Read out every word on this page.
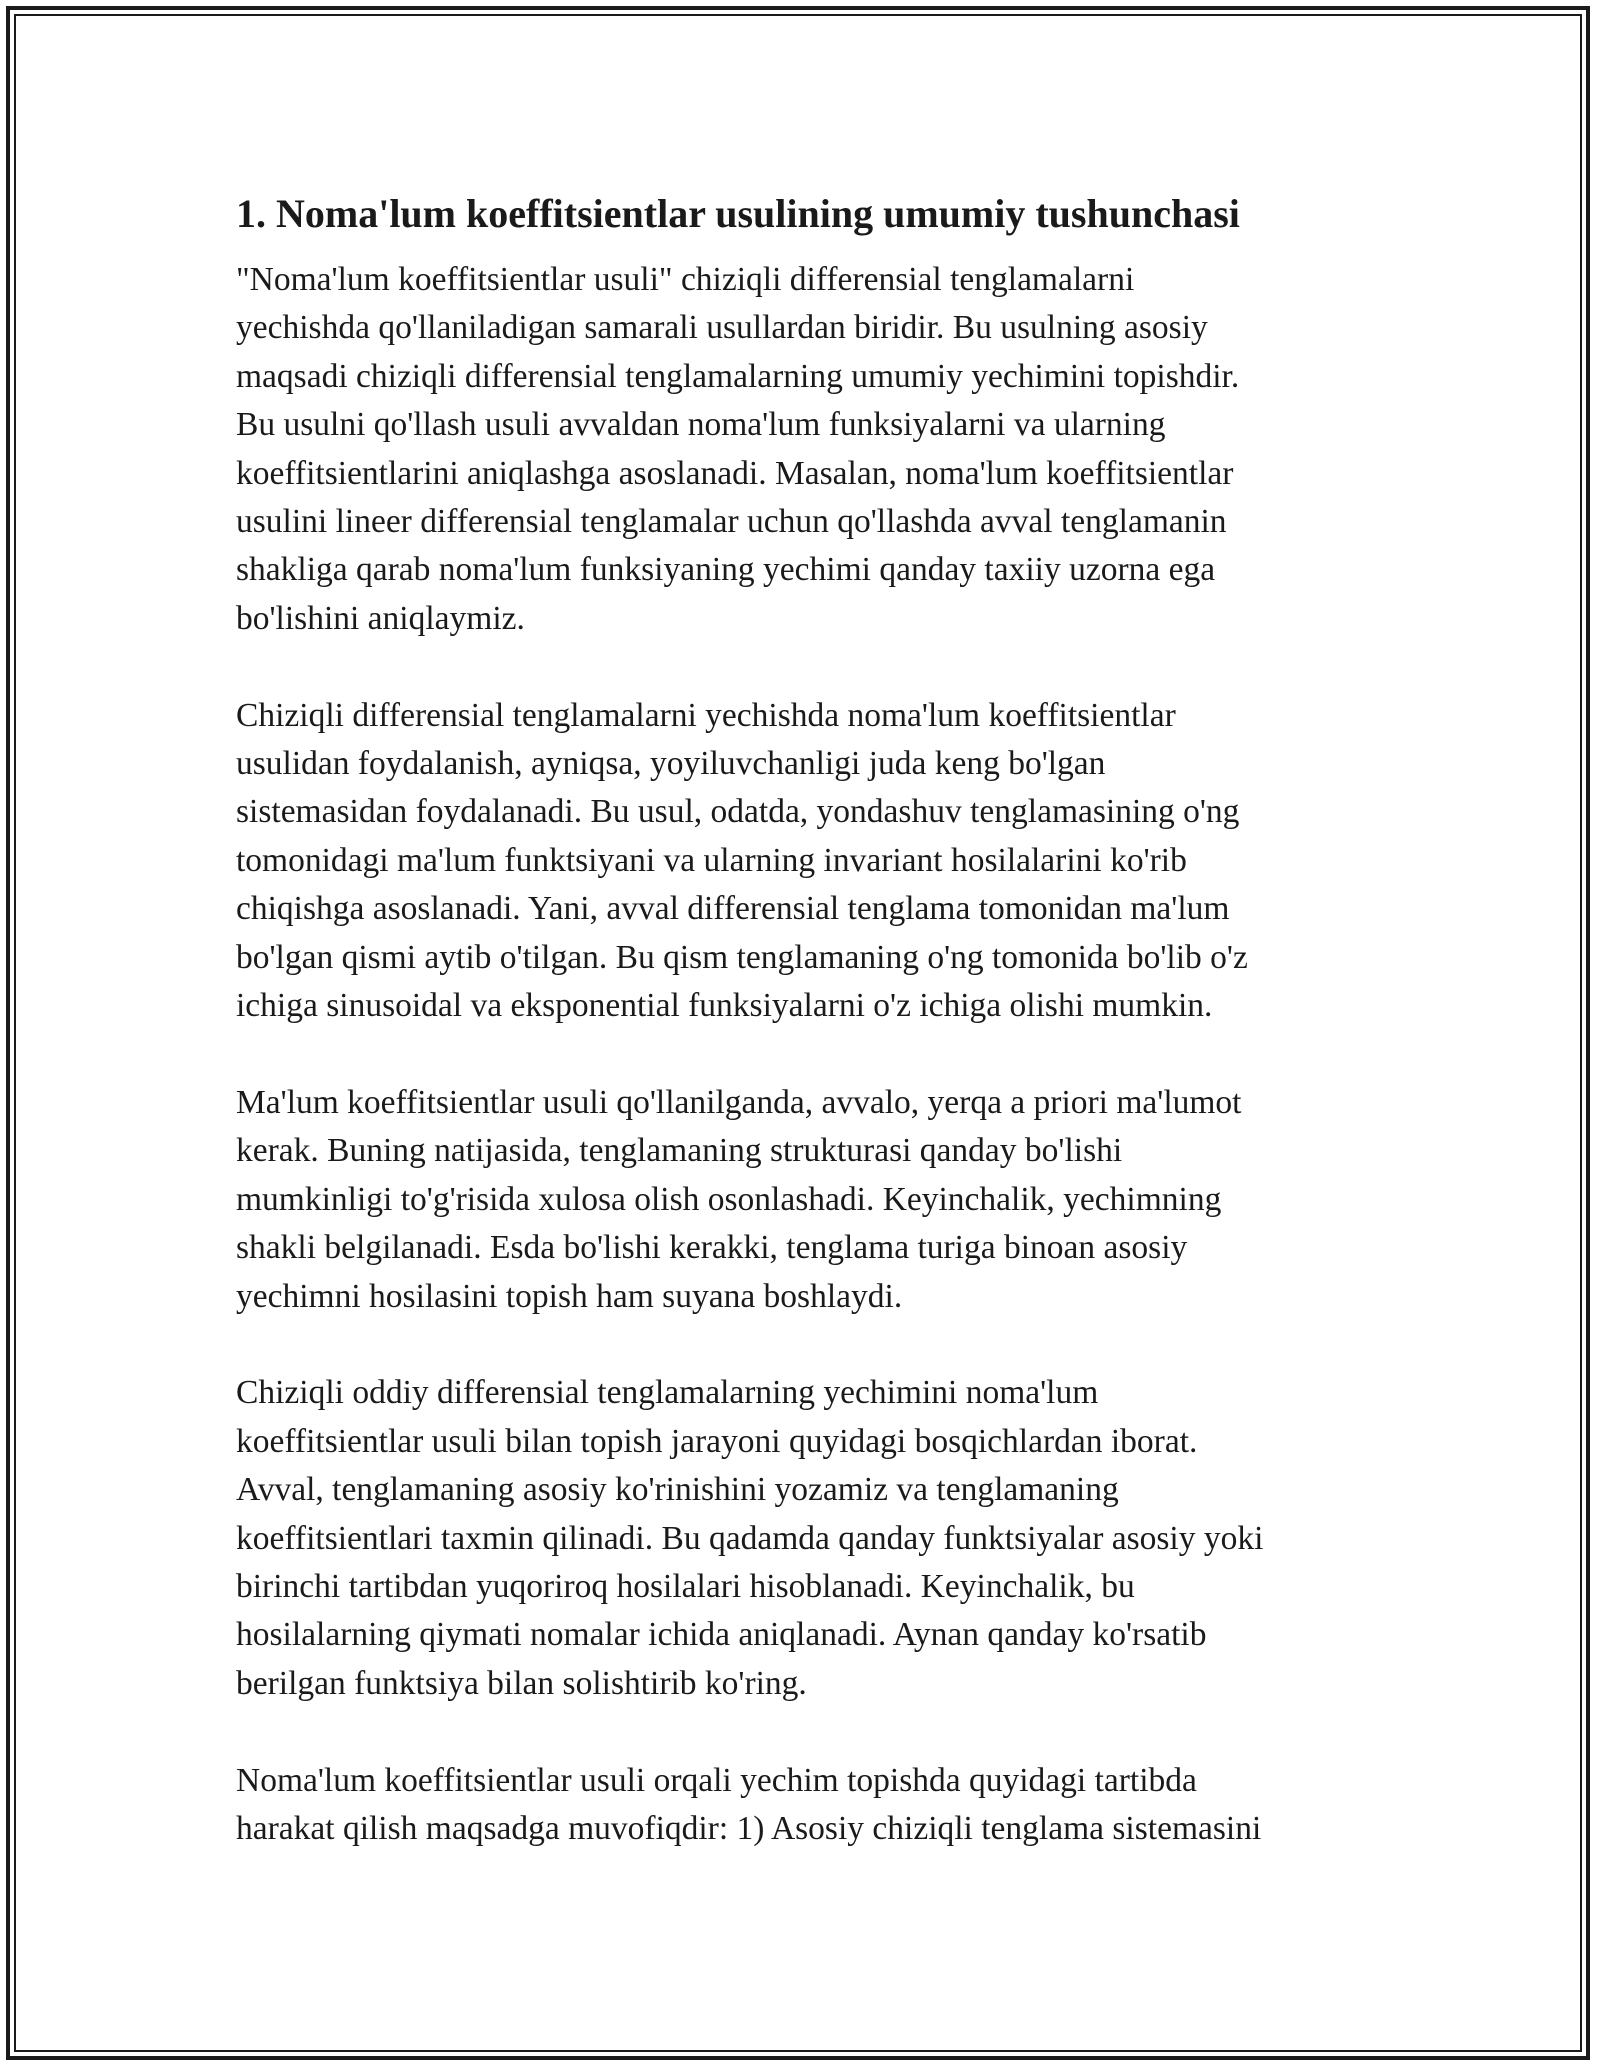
1. Noma'lum koeffitsientlar usulining umumiy tushunchasi
"Noma'lum koeffitsientlar usuli" chiziqli differensial tenglamalarni
yechishda qo'llaniladigan samarali usullardan biridir. Bu usulning asosiy
maqsadi chiziqli differensial tenglamalarning umumiy yechimini topishdir.
Bu usulni qo'llash usuli avvaldan noma'lum funksiyalarni va ularning
koeffitsientlarini aniqlashga asoslanadi. Masalan, noma'lum koeffitsientlar
usulini lineer differensial tenglamalar uchun qo'llashda avval tenglamanin
shakliga qarab noma'lum funksiyaning yechimi qanday taxiiy uzorna ega
bo'lishini aniqlaymiz.
Chiziqli differensial tenglamalarni yechishda noma'lum koeffitsientlar
usulidan foydalanish, ayniqsa, yoyiluvchanligi juda keng bo'lgan
sistemasidan foydalanadi. Bu usul, odatda, yondashuv tenglamasining o'ng
tomonidagi ma'lum funktsiyani va ularning invariant hosilalarini ko'rib
chiqishga asoslanadi. Yani, avval differensial tenglama tomonidan ma'lum
bo'lgan qismi aytib o'tilgan. Bu qism tenglamaning o'ng tomonida bo'lib o'z
ichiga sinusoidal va eksponential funksiyalarni o'z ichiga olishi mumkin.
Ma'lum koeffitsientlar usuli qo'llanilganda, avvalo, yerqa a priori ma'lumot
kerak. Buning natijasida, tenglamaning strukturasi qanday bo'lishi
mumkinligi to'g'risida xulosa olish osonlashadi. Keyinchalik, yechimning
shakli belgilanadi. Esda bo'lishi kerakki, tenglama turiga binoan asosiy
yechimni hosilasini topish ham suyana boshlaydi.
Chiziqli oddiy differensial tenglamalarning yechimini noma'lum
koeffitsientlar usuli bilan topish jarayoni quyidagi bosqichlardan iborat.
Avval, tenglamaning asosiy ko'rinishini yozamiz va tenglamaning
koeffitsientlari taxmin qilinadi. Bu qadamda qanday funktsiyalar asosiy yoki
birinchi tartibdan yuqoriroq hosilalari hisoblanadi. Keyinchalik, bu
hosilalarning qiymati nomalar ichida aniqlanadi. Aynan qanday ko'rsatib
berilgan funktsiya bilan solishtirib ko'ring.
Noma'lum koeffitsientlar usuli orqali yechim topishda quyidagi tartibda
harakat qilish maqsadga muvofiqdir: 1) Asosiy chiziqli tenglama sistemasini
